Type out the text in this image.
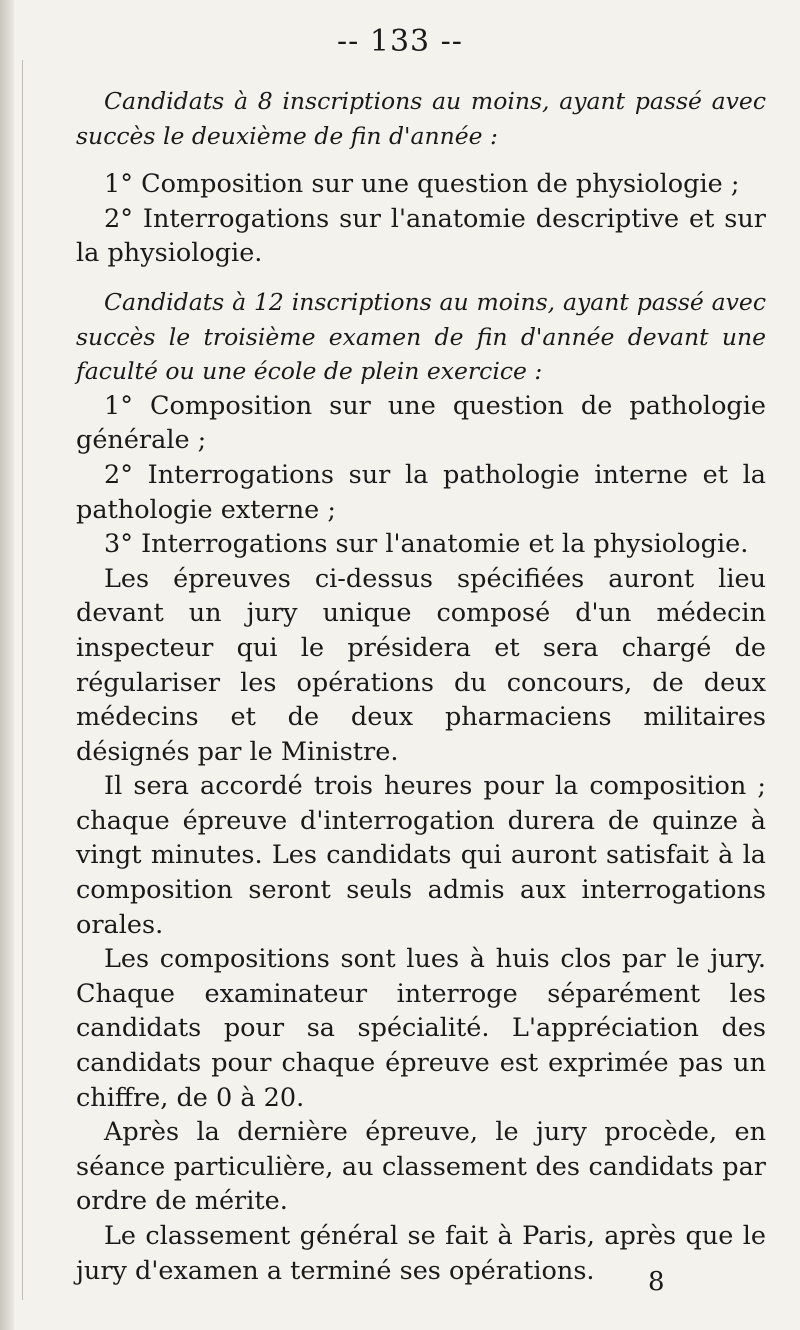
-- 133 --

Candidats à 8 inscriptions au moins, ayant passé avec succès le deuxième de fin d'année :

1° Composition sur une question de physiologie ;

2° Interrogations sur l'anatomie descriptive et sur la physiologie.

Candidats à 12 inscriptions au moins, ayant passé avec succès le troisième examen de fin d'année devant une faculté ou une école de plein exercice :

1° Composition sur une question de pathologie générale ;

2° Interrogations sur la pathologie interne et la pathologie externe ;

3° Interrogations sur l'anatomie et la physiologie.

Les épreuves ci-dessus spécifiées auront lieu devant un jury unique composé d'un médecin inspecteur qui le présidera et sera chargé de régulariser les opérations du concours, de deux médecins et de deux pharmaciens militaires désignés par le Ministre.

Il sera accordé trois heures pour la composition ; chaque épreuve d'interrogation durera de quinze à vingt minutes. Les candidats qui auront satisfait à la composition seront seuls admis aux interrogations orales.

Les compositions sont lues à huis clos par le jury. Chaque examinateur interroge séparément les candidats pour sa spécialité. L'appréciation des candidats pour chaque épreuve est exprimée pas un chiffre, de 0 à 20.

Après la dernière épreuve, le jury procède, en séance particulière, au classement des candidats par ordre de mérite.

Le classement général se fait à Paris, après que le jury d'examen a terminé ses opérations.	8
